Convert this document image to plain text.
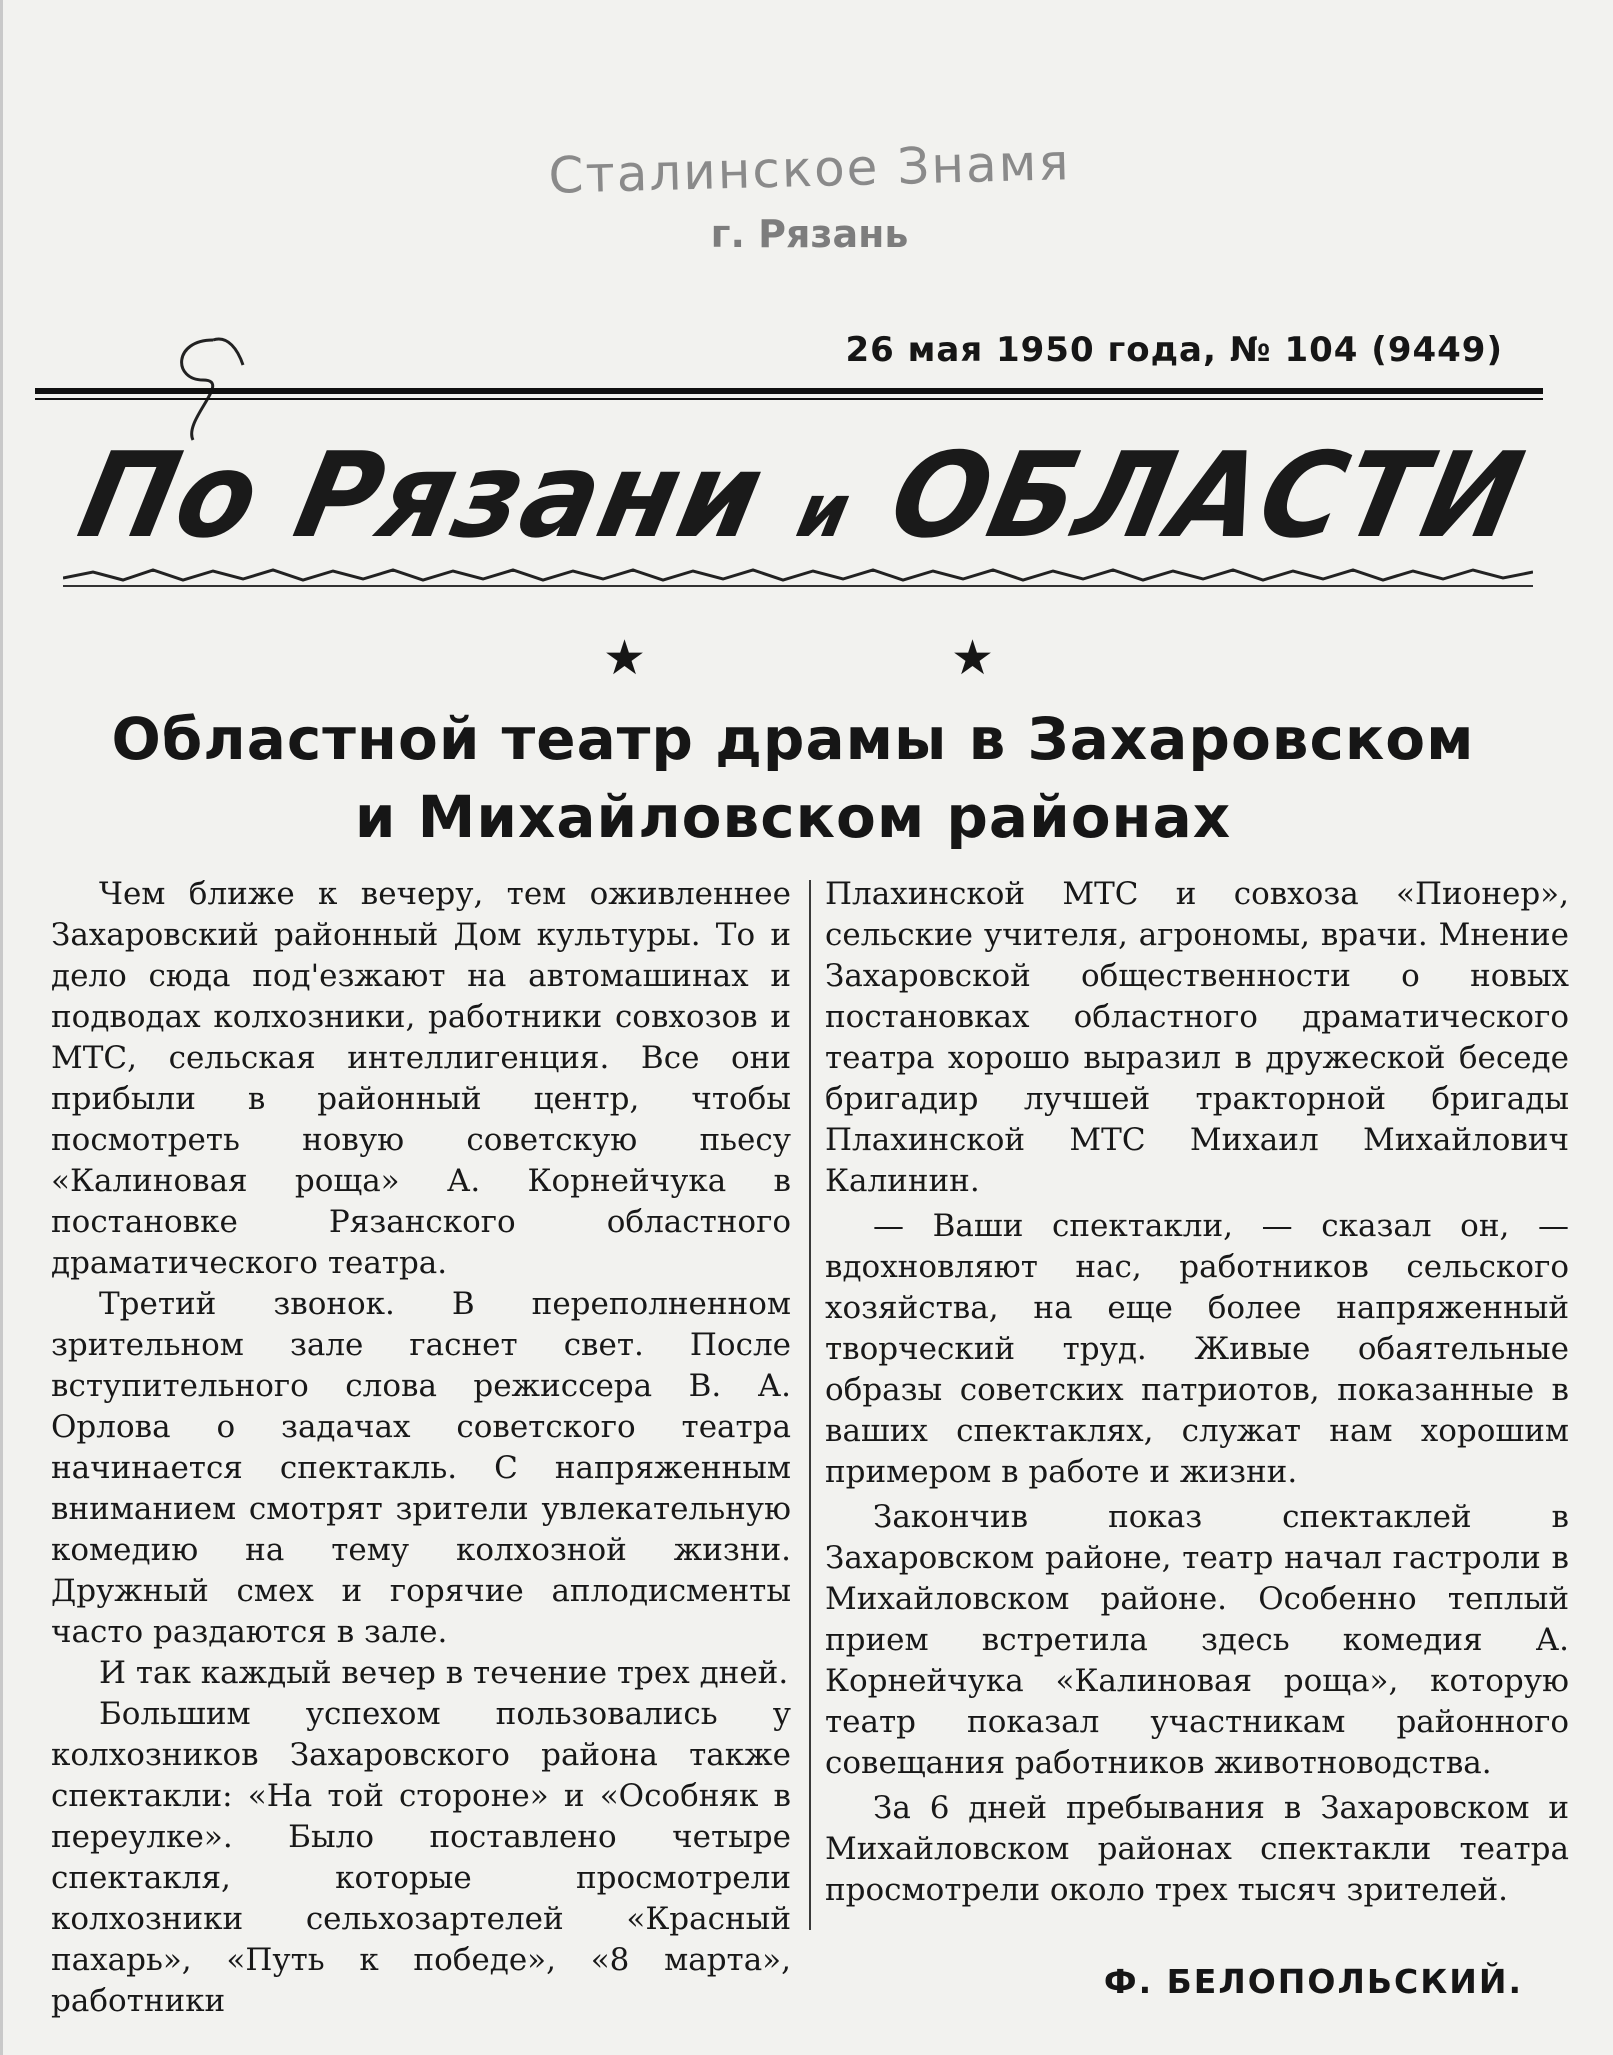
Сталинское Знамя
г. Рязань
26 мая 1950 года, № 104 (9449)
По Рязани и ОБЛАСТИ
★	★
Областной театр драмы в Захаровском
и Михайловском районах

Чем ближе к вечеру, тем оживленнее Захаровский районный Дом культуры. То и дело сюда под'езжают на автомашинах и подводах колхозники, работники совхозов и МТС, сельская интеллигенция. Все они прибыли в районный центр, чтобы посмотреть новую советскую пьесу «Калиновая роща» А. Корнейчука в постановке Рязанского областного драматического театра.

Третий звонок. В переполненном зрительном зале гаснет свет. После вступительного слова режиссера В. А. Орлова о задачах советского театра начинается спектакль. С напряженным вниманием смотрят зрители увлекательную комедию на тему колхозной жизни. Дружный смех и горячие аплодисменты часто раздаются в зале.

И так каждый вечер в течение трех дней.

Большим успехом пользовались у колхозников Захаровского района также спектакли: «На той стороне» и «Особняк в переулке». Было поставлено четыре спектакля, которые просмотрели колхозники сельхозартелей «Красный пахарь», «Путь к победе», «8 марта», работники

Плахинской МТС и совхоза «Пионер», сельские учителя, агрономы, врачи. Мнение Захаровской общественности о новых постановках областного драматического театра хорошо выразил в дружеской беседе бригадир лучшей тракторной бригады Плахинской МТС Михаил Михайлович Калинин.

— Ваши спектакли, — сказал он, — вдохновляют нас, работников сельского хозяйства, на еще более напряженный творческий труд. Живые обаятельные образы советских патриотов, показанные в ваших спектаклях, служат нам хорошим примером в работе и жизни.

Закончив показ спектаклей в Захаровском районе, театр начал гастроли в Михайловском районе. Особенно теплый прием встретила здесь комедия А. Корнейчука «Калиновая роща», которую театр показал участникам районного совещания работников животноводства.

За 6 дней пребывания в Захаровском и Михайловском районах спектакли театра просмотрели около трех тысяч зрителей.

Ф. БЕЛОПОЛЬСКИЙ.
